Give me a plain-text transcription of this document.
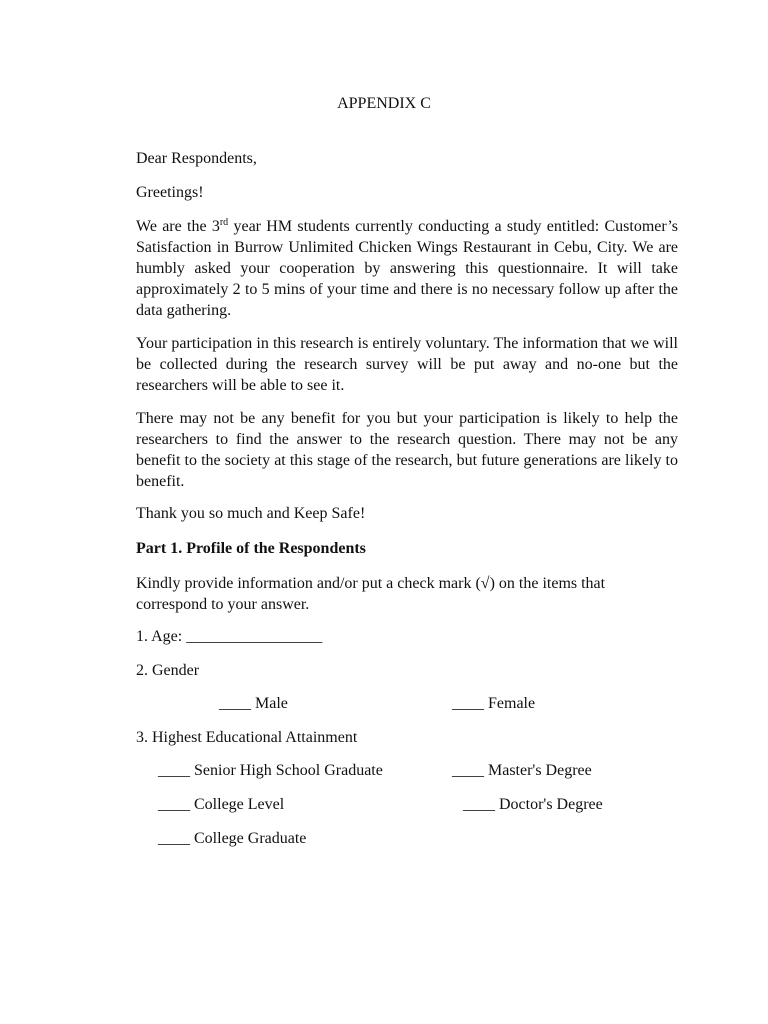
APPENDIX C
Dear Respondents,
Greetings!
We are the 3rd year HM students currently conducting a study entitled: Customer’s Satisfaction in Burrow Unlimited Chicken Wings Restaurant in Cebu, City. We are humbly asked your cooperation by answering this questionnaire. It will take approximately 2 to 5 mins of your time and there is no necessary follow up after the data gathering.
Your participation in this research is entirely voluntary. The information that we will be collected during the research survey will be put away and no-one but the researchers will be able to see it.
There may not be any benefit for you but your participation is likely to help the researchers to find the answer to the research question. There may not be any benefit to the society at this stage of the research, but future generations are likely to benefit.
Thank you so much and Keep Safe!
Part 1. Profile of the Respondents
Kindly provide information and/or put a check mark (√) on the items that correspond to your answer.
1. Age: _________________
2. Gender
____ Male	____ Female
3. Highest Educational Attainment
____ Senior High School Graduate	____ Master's Degree
____ College Level	____ Doctor's Degree
____ College Graduate
